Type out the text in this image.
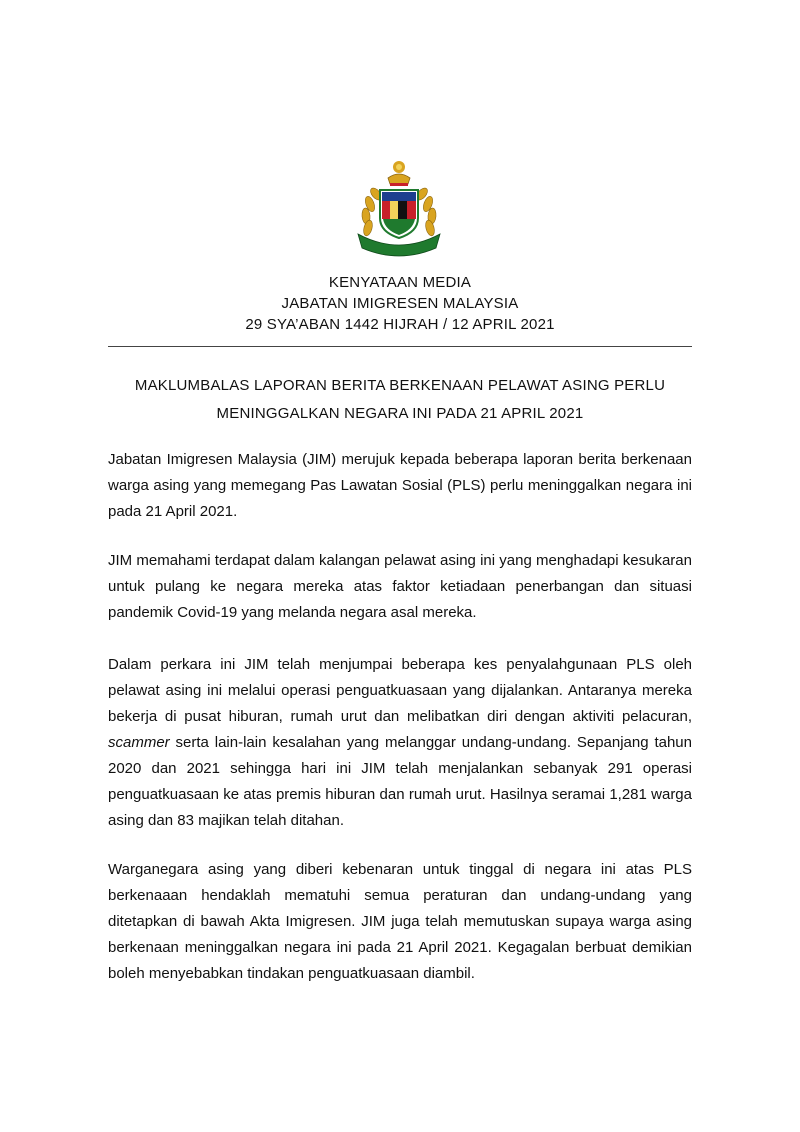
KENYATAAN MEDIA
JABATAN IMIGRESEN MALAYSIA
29 SYA’ABAN 1442 HIJRAH / 12 APRIL 2021
MAKLUMBALAS LAPORAN BERITA BERKENAAN PELAWAT ASING PERLU
MENINGGALKAN NEGARA INI PADA 21 APRIL 2021
Jabatan Imigresen Malaysia (JIM) merujuk kepada beberapa laporan berita berkenaan warga asing yang memegang Pas Lawatan Sosial (PLS) perlu meninggalkan negara ini pada 21 April 2021.
JIM memahami terdapat dalam kalangan pelawat asing ini yang menghadapi kesukaran untuk pulang ke negara mereka atas faktor ketiadaan penerbangan dan situasi pandemik Covid-19 yang melanda negara asal mereka.
Dalam perkara ini JIM telah menjumpai beberapa kes penyalahgunaan PLS oleh pelawat asing ini melalui operasi penguatkuasaan yang dijalankan. Antaranya mereka bekerja di pusat hiburan, rumah urut dan melibatkan diri dengan aktiviti pelacuran, scammer serta lain-lain kesalahan yang melanggar undang-undang. Sepanjang tahun 2020 dan 2021 sehingga hari ini JIM telah menjalankan sebanyak 291 operasi penguatkuasaan ke atas premis hiburan dan rumah urut. Hasilnya seramai 1,281 warga asing dan 83 majikan telah ditahan.
Warganegara asing yang diberi kebenaran untuk tinggal di negara ini atas PLS berkenaaan hendaklah mematuhi semua peraturan dan undang-undang yang ditetapkan di bawah Akta Imigresen. JIM juga telah memutuskan supaya warga asing berkenaan meninggalkan negara ini pada 21 April 2021. Kegagalan berbuat demikian boleh menyebabkan tindakan penguatkuasaan diambil.
